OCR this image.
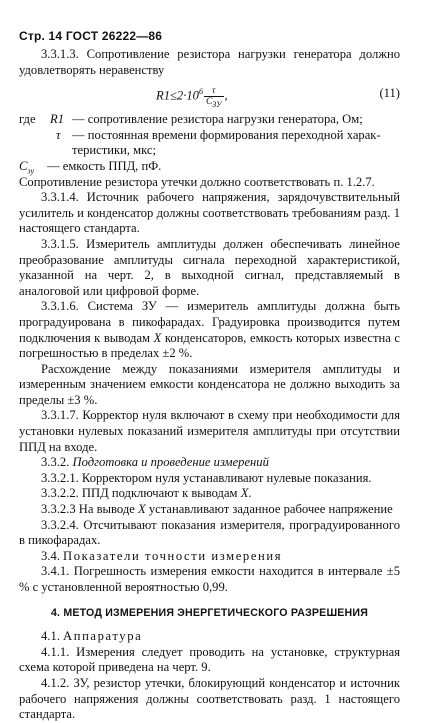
Стр. 14 ГОСТ 26222—86

3.3.1.3. Сопротивление резистора нагрузки генератора должно удовлетворять неравенству

$R1\le 2\cdot 10^6 \frac{\tau}{C_{ЗУ}}$ ,	(11)
где	R1 — сопротивление резистора нагрузки генератора, Ом;
τ — постоянная времени формирования переходной харак-
теристики, мкс;
$C_{зу}$	— емкость ППД, пФ.

Сопротивление резистора утечки должно соответствовать п. 1.2.7.

3.3.1.4. Источник рабочего напряжения, зарядочувствительный усилитель и конденсатор должны соответствовать требованиям разд. 1 настоящего стандарта.

3.3.1.5. Измеритель амплитуды должен обеспечивать линейное преобразование амплитуды сигнала переходной характеристикой, указанной на черт. 2, в выходной сигнал, представляемый в аналоговой или цифровой форме.

3.3.1.6. Система ЗУ — измеритель амплитуды должна быть проградуирована в пикофарадах. Градуировка производится путем подключения к выводам X конденсаторов, емкость которых известна с погрешностью в пределах ±2 %.

Расхождение между показаниями измерителя амплитуды и измеренным значением емкости конденсатора не должно выходить за пределы ±3 %.

3.3.1.7. Корректор нуля включают в схему при необходимости для установки нулевых показаний измерителя амплитуды при отсутствии ППД на входе.

3.3.2. Подготовка и проведение измерений

3.3.2.1. Корректором нуля устанавливают нулевые показания.

3.3.2.2. ППД подключают к выводам X.

3.3.2.3 На выводе X устанавливают заданное рабочее напряжение

3.3.2.4. Отсчитывают показания измерителя, проградуированного в пикофарадах.

3.4. Показатели точности измерения

3.4.1. Погрешность измерения емкости находится в интервале ±5 % с установленной вероятностью 0,99.

4. МЕТОД ИЗМЕРЕНИЯ ЭНЕРГЕТИЧЕСКОГО РАЗРЕШЕНИЯ

4.1. Аппаратура

4.1.1. Измерения следует проводить на установке, структурная схема которой приведена на черт. 9.

4.1.2. ЗУ, резистор утечки, блокирующий конденсатор и источник рабочего напряжения должны соответствовать разд. 1 настоящего стандарта.
